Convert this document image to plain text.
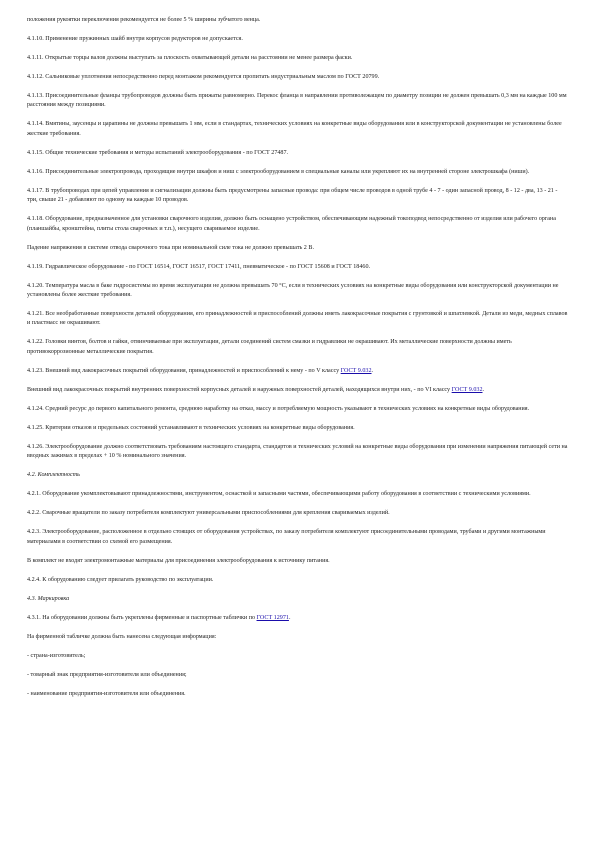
положения рукоятки переключения рекомендуется не более 5 % ширины зубчатого венца.
4.1.10. Применение пружинных шайб внутри корпусов редукторов не допускается.
4.1.11. Открытые торцы валов должны выступать за плоскость охватывающей детали на расстоянии не менее размера фаски.
4.1.12. Сальниковые уплотнения непосредственно перед монтажом рекомендуется пропитать индустриальным маслом по ГОСТ 20799.
4.1.13. Присоединительные фланцы трубопроводов должны быть прижаты равномерно. Перекос фланца в направлении противолежащем по диаметру позиции не должен превышать 0,3 мм на каждые 100 мм расстояния между позициями.
4.1.14. Вмятины, заусенцы и царапины не должны превышать 1 мм, если в стандартах, технических условиях на конкретные виды оборудования или в конструкторской документации не установлены более жесткие требования.
4.1.15. Общие технические требования и методы испытаний электрооборудования - по ГОСТ 27487.
4.1.16. Присоединительные электропровода, проходящие внутри шкафов и ниш с электрооборудованием в специальные каналы или укрепляют их на внутренней стороне электрошкафа (ниши).
4.1.17. В трубопроводах при цепей управления и сигнализации должны быть предусмотрены запасные провода: при общем числе проводов в одной трубе 4 - 7 - один запасной провод, 8 - 12 - два, 13 - 21 - три, свыше 21 - добавляют по одному на каждые 10 проводов.
4.1.18. Оборудование, предназначенное для установки сварочного изделия, должно быть оснащено устройством, обеспечивающим надежный токоподвод непосредственно от изделия или рабочего органа (планшайбы, кронштейна, плиты стола сварочных и т.п.), несущего свариваемое изделие.
Падение напряжения в системе отвода сварочного тока при номинальной силе тока не должно превышать 2 В.
4.1.19. Гидравлическое оборудование - по ГОСТ 16514, ГОСТ 16517, ГОСТ 17411, пневматическое - по ГОСТ 15608 и ГОСТ 18460.
4.1.20. Температура масла в баке гидросистемы во время эксплуатации не должна превышать 70 °С, если в технических условиях на конкретные виды оборудования или конструкторской документации не установлены более жесткие требования.
4.1.21. Все необработанные поверхности деталей оборудования, его принадлежностей и приспособлений должны иметь лакокрасочные покрытия с грунтовкой и шпатлевкой. Детали из меди, медных сплавов и пластмасс не окрашивают.
4.1.22. Головки винтов, болтов и гайки, отвинчиваемые при эксплуатации, детали соединений систем смазки и гидравлики не окрашивают. Их металлические поверхности должны иметь противокоррозионные металлические покрытия.
4.1.23. Внешний вид лакокрасочных покрытий оборудования, принадлежностей и приспособлений к нему - по V классу ГОСТ 9.032.
Внешний вид лакокрасочных покрытий внутренних поверхностей корпусных деталей и наружных поверхностей деталей, находящихся внутри них, - по VI классу ГОСТ 9.032.
4.1.24. Средний ресурс до первого капитального ремонта, среднюю наработку на отказ, массу и потребляемую мощность указывают в технических условиях на конкретные виды оборудования.
4.1.25. Критерии отказов и предельных состояний устанавливают в технических условиях на конкретные виды оборудования.
4.1.26. Электрооборудование должно соответствовать требованиям настоящего стандарта, стандартов и технических условий на конкретные виды оборудования при изменении напряжения питающей сети на вводных зажимах в пределах + 10 % номинального значения.
4.2. Комплектность
4.2.1. Оборудование укомплектовывают принадлежностями, инструментом, оснасткой и запасными частями, обеспечивающими работу оборудования в соответствии с техническими условиями.
4.2.2. Сварочные вращатели по заказу потребителя комплектуют универсальными приспособлениями для крепления свариваемых изделий.
4.2.3. Электрооборудование, расположенное в отдельно стоящих от оборудования устройствах, по заказу потребителя комплектуют присоединительными проводами, трубами и другими монтажными материалами в соответствии со схемой его размещения.
В комплект не входят электромонтажные материалы для присоединения электрооборудования к источнику питания.
4.2.4. К оборудованию следует прилагать руководство по эксплуатации.
4.3. Маркировка
4.3.1. На оборудовании должны быть укреплены фирменные и паспортные таблички по ГОСТ 12971.
На фирменной табличке должна быть нанесена следующая информация:
- страна-изготовитель;
- товарный знак предприятия-изготовителя или объединения;
- наименование предприятия-изготовителя или объединения.
